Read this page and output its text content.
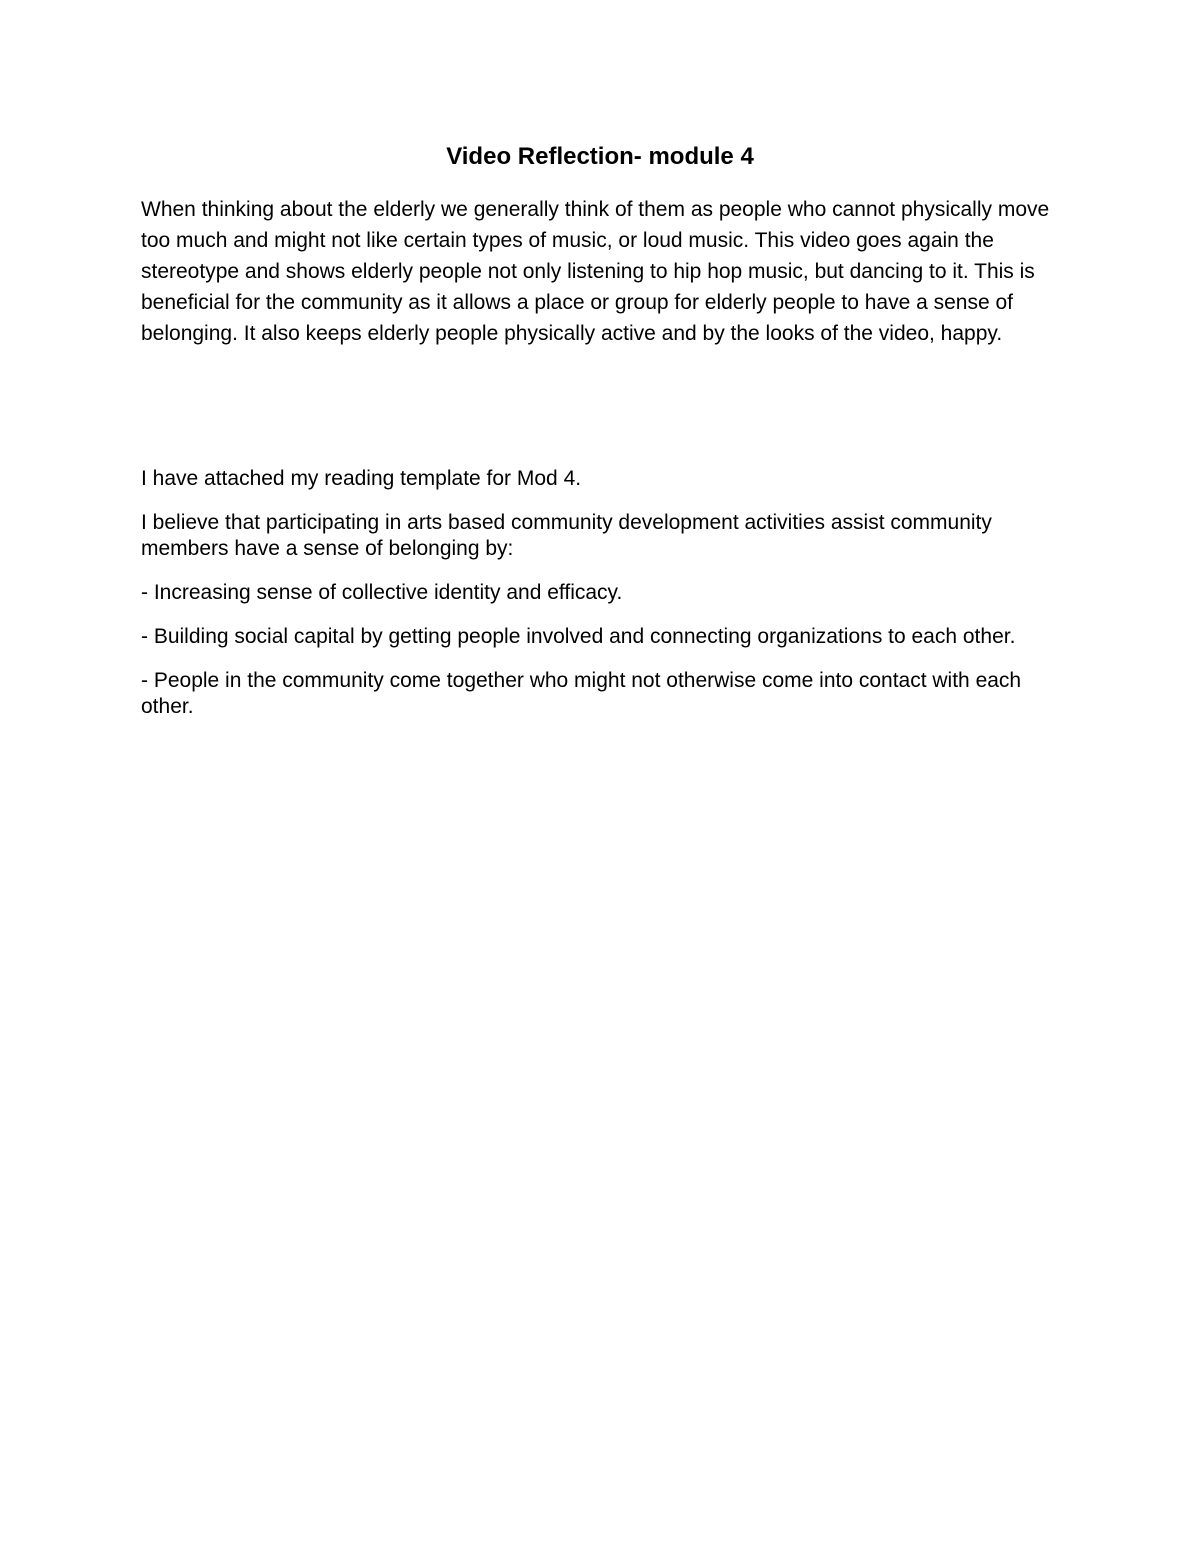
Video Reflection- module 4

When thinking about the elderly we generally think of them as people who cannot physically move too much and might not like certain types of music, or loud music. This video goes again the stereotype and shows elderly people not only listening to hip hop music, but dancing to it. This is beneficial for the community as it allows a place or group for elderly people to have a sense of belonging. It also keeps elderly people physically active and by the looks of the video, happy.

I have attached my reading template for Mod 4.

I believe that participating in arts based community development activities assist community members have a sense of belonging by:

- Increasing sense of collective identity and efficacy.

- Building social capital by getting people involved and connecting organizations to each other.

- People in the community come together who might not otherwise come into contact with each other.
